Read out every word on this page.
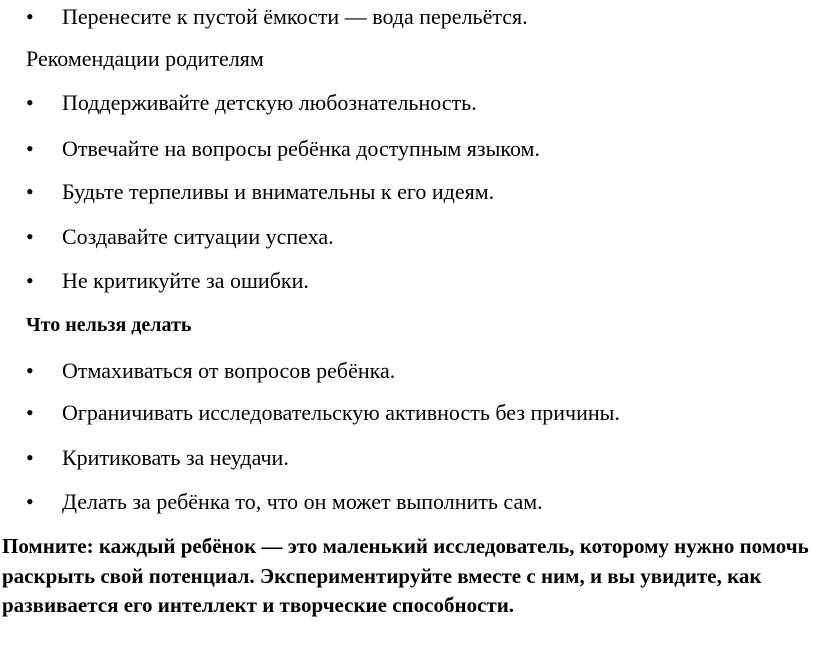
• Перенесите к пустой ёмкости — вода перельётся.
Рекомендации родителям
• Поддерживайте детскую любознательность.
• Отвечайте на вопросы ребёнка доступным языком.
• Будьте терпеливы и внимательны к его идеям.
• Создавайте ситуации успеха.
• Не критикуйте за ошибки.
Что нельзя делать
• Отмахиваться от вопросов ребёнка.
• Ограничивать исследовательскую активность без причины.
• Критиковать за неудачи.
• Делать за ребёнка то, что он может выполнить сам.

Помните: каждый ребёнок — это маленький исследователь, которому нужно помочь раскрыть свой потенциал. Экспериментируйте вместе с ним, и вы увидите, как развивается его интеллект и творческие способности.
